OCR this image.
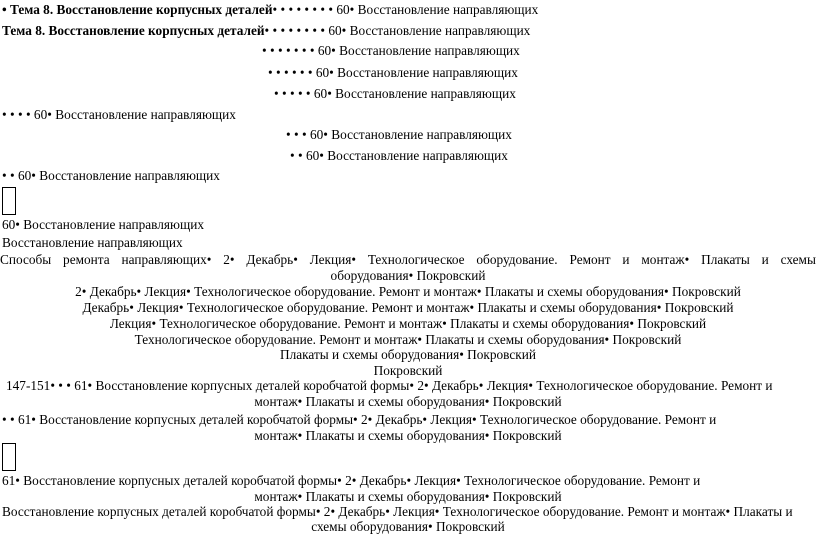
• Тема 8. Восстановление корпусных деталей• • • • • • • • 60• Восстановление направляющих
Тема 8. Восстановление корпусных деталей• • • • • • • • 60• Восстановление направляющих
• • • • • • • 60• Восстановление направляющих
• • • • • • 60• Восстановление направляющих
• • • • • 60• Восстановление направляющих
• • • • 60• Восстановление направляющих
• • • 60• Восстановление направляющих
• • 60• Восстановление направляющих
• • 60• Восстановление направляющих
60• Восстановление направляющих
Восстановление направляющих
Способы ремонта направляющих• 2• Декабрь• Лекция• Технологическое оборудование. Ремонт и монтаж• Плакаты и схемы
оборудования• Покровский
2• Декабрь• Лекция• Технологическое оборудование. Ремонт и монтаж• Плакаты и схемы оборудования• Покровский
Декабрь• Лекция• Технологическое оборудование. Ремонт и монтаж• Плакаты и схемы оборудования• Покровский
Лекция• Технологическое оборудование. Ремонт и монтаж• Плакаты и схемы оборудования• Покровский
Технологическое оборудование. Ремонт и монтаж• Плакаты и схемы оборудования• Покровский
Плакаты и схемы оборудования• Покровский
Покровский
147-151• • • 61• Восстановление корпусных деталей коробчатой формы• 2• Декабрь• Лекция• Технологическое оборудование. Ремонт и
монтаж• Плакаты и схемы оборудования• Покровский
• • 61• Восстановление корпусных деталей коробчатой формы• 2• Декабрь• Лекция• Технологическое оборудование. Ремонт и
монтаж• Плакаты и схемы оборудования• Покровский
61• Восстановление корпусных деталей коробчатой формы• 2• Декабрь• Лекция• Технологическое оборудование. Ремонт и
монтаж• Плакаты и схемы оборудования• Покровский
Восстановление корпусных деталей коробчатой формы• 2• Декабрь• Лекция• Технологическое оборудование. Ремонт и монтаж• Плакаты и
схемы оборудования• Покровский
